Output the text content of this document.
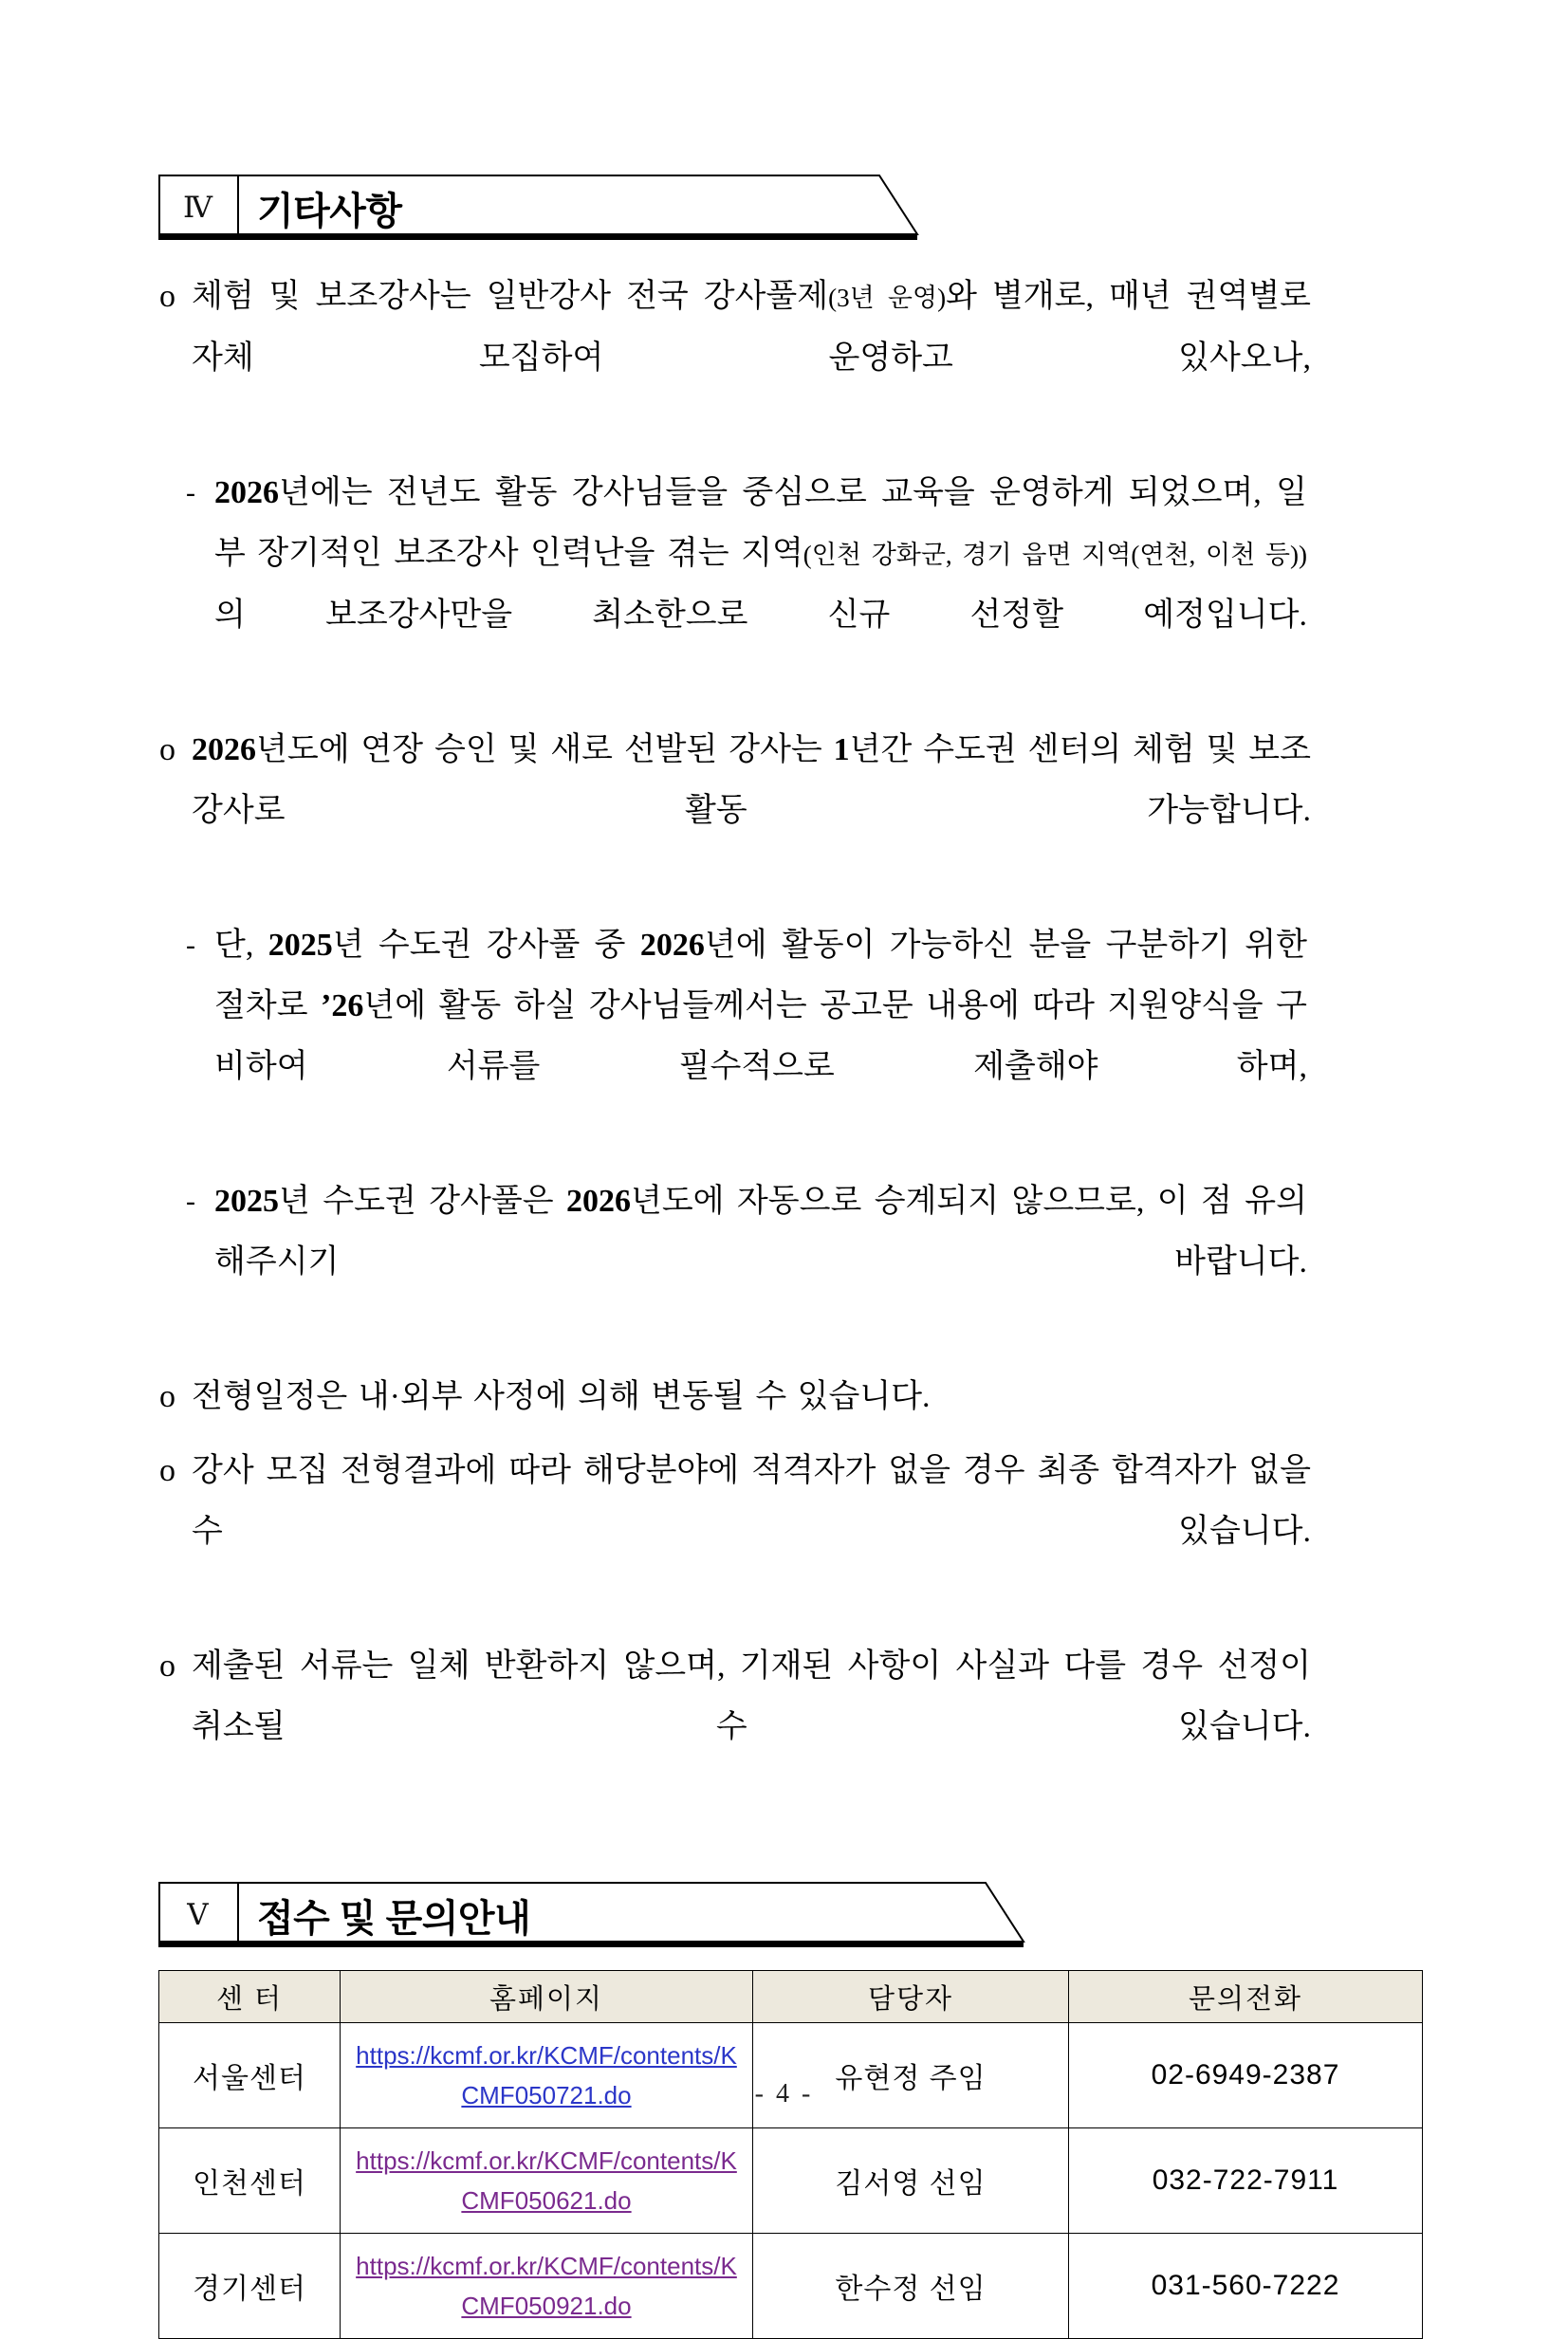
Ⅳ	기타사항
o 체험 및 보조강사는 일반강사 전국 강사풀제(3년 운영)와 별개로, 매년 권역별로 자체 모집하여 운영하고 있사오나,
- 2026년에는 전년도 활동 강사님들을 중심으로 교육을 운영하게 되었으며, 일부 장기적인 보조강사 인력난을 겪는 지역(인천 강화군, 경기 읍면 지역(연천, 이천 등))의 보조강사만을 최소한으로 신규 선정할 예정입니다.
o 2026년도에 연장 승인 및 새로 선발된 강사는 1년간 수도권 센터의 체험 및 보조강사로 활동 가능합니다.
- 단, 2025년 수도권 강사풀 중 2026년에 활동이 가능하신 분을 구분하기 위한 절차로 ’26년에 활동 하실 강사님들께서는 공고문 내용에 따라 지원양식을 구비하여 서류를 필수적으로 제출해야 하며,
- 2025년 수도권 강사풀은 2026년도에 자동으로 승계되지 않으므로, 이 점 유의해주시기 바랍니다.
o 전형일정은 내·외부 사정에 의해 변동될 수 있습니다.
o 강사 모집 전형결과에 따라 해당분야에 적격자가 없을 경우 최종 합격자가 없을 수 있습니다.
o 제출된 서류는 일체 반환하지 않으며, 기재된 사항이 사실과 다를 경우 선정이 취소될 수 있습니다.
Ⅴ	접수 및 문의안내
센 터	홈페이지	담당자	문의전화
서울센터	https://kcmf.or.kr/KCMF/contents/KCMF050721.do	유현정 주임	02-6949-2387
인천센터	https://kcmf.or.kr/KCMF/contents/KCMF050621.do	김서영 선임	032-722-7911
경기센터	https://kcmf.or.kr/KCMF/contents/KCMF050921.do	한수정 선임	031-560-7222
- 4 -
